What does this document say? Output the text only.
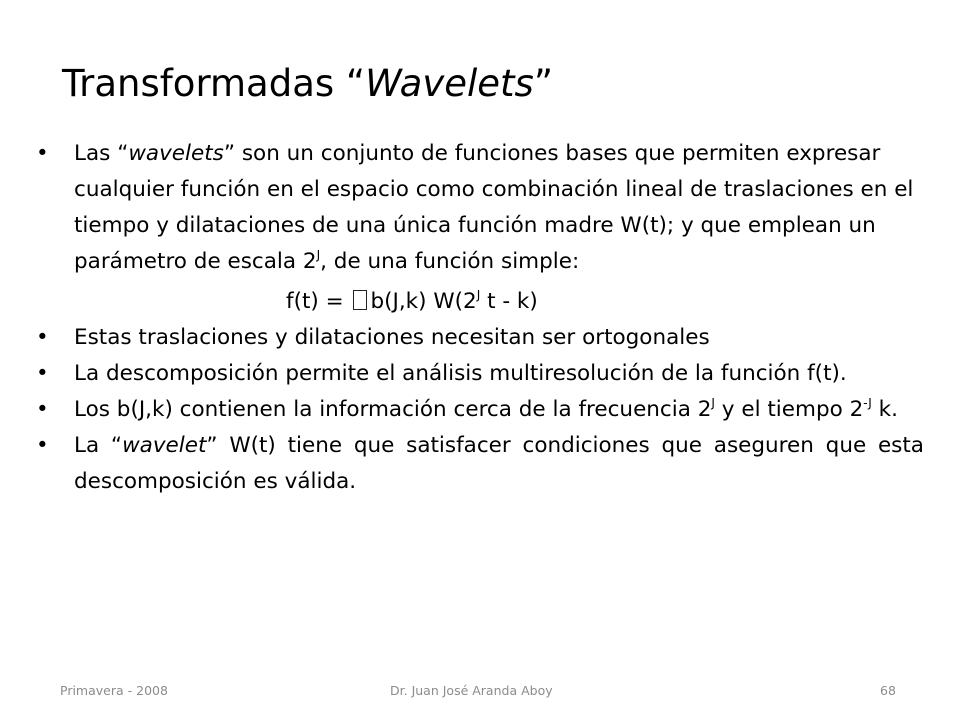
Transformadas “Wavelets”
•	Las “wavelets” son un conjunto de funciones bases que permiten expresar cualquier función en el espacio como combinación lineal de traslaciones en el tiempo y dilataciones de una única función madre W(t); y que emplean un parámetro de escala $2^J$, de una función simple:
f(t) = b(J,k) $W(2^J$ t - k)
•	Estas traslaciones y dilataciones necesitan ser ortogonales
•	La descomposición permite el análisis multiresolución de la función f(t).
•	Los b(J,k) contienen la información cerca de la frecuencia $2^J$ y el tiempo $2^{-J}$ k.
•	La “wavelet” W(t) tiene que satisfacer condiciones que aseguren que esta descomposición es válida.
Primavera - 2008	Dr. Juan José Aranda Aboy	68
